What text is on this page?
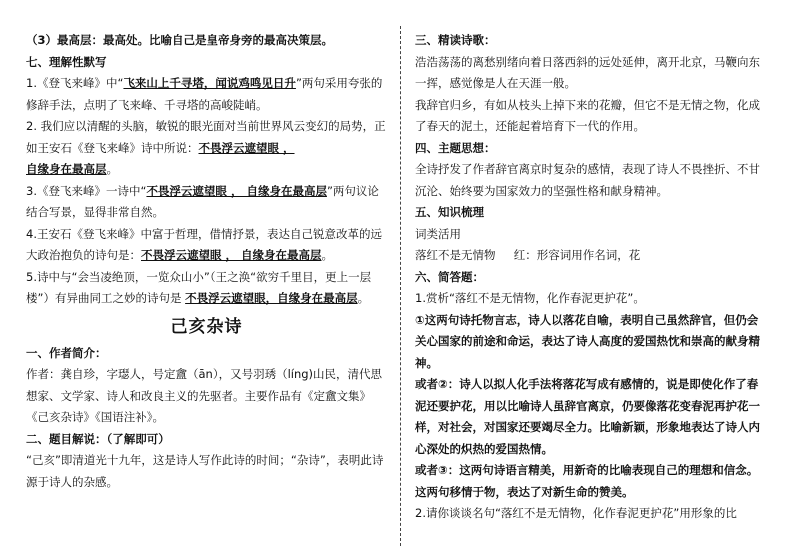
（3）最高层：最高处。比喻自己是皇帝身旁的最高决策层。

七、理解性默写

1.《登飞来峰》中“飞来山上千寻塔，闻说鸡鸣见日升”两句采用夸张的修辞手法，点明了飞来峰、千寻塔的高峻陡峭。

2. 我们应以清醒的头脑，敏锐的眼光面对当前世界风云变幻的局势，正如王安石《登飞来峰》诗中所说：不畏浮云遮望眼 ，
自缘身在最高层。

3.《登飞来峰》一诗中“不畏浮云遮望眼 ， 自缘身在最高层”两句议论结合写景，显得非常自然。

4.王安石《登飞来峰》中富于哲理，借情抒景，表达自己锐意改革的远大政治抱负的诗句是：不畏浮云遮望眼 ， 自缘身在最高层。

5.诗中与“会当凌绝顶，一览众山小”（王之涣“欲穷千里目，更上一层楼”）有异曲同工之妙的诗句是 不畏浮云遮望眼，自缘身在最高层。

己亥杂诗

一、作者简介：

作者：龚自珍，字璱人，号定盦（ān），又号羽琇（líng)山民，清代思想家、文学家、诗人和改良主义的先驱者。主要作品有《定盦文集》《己亥杂诗》《国语注补》。

二、题目解说：（了解即可）

“己亥”即清道光十九年，这是诗人写作此诗的时间；“杂诗”，表明此诗源于诗人的杂感。

三、精读诗歌：

浩浩荡荡的离愁别绪向着日落西斜的远处延伸，离开北京，马鞭向东一挥，感觉像是人在天涯一般。

我辞官归乡，有如从枝头上掉下来的花瓣，但它不是无情之物，化成了春天的泥土，还能起着培育下一代的作用。

四、主题思想：

全诗抒发了作者辞官离京时复杂的感情，表现了诗人不畏挫折、不甘沉沦、始终要为国家效力的坚强性格和献身精神。

五、知识梳理

词类活用

落红不是无情物     红：形容词用作名词，花

六、简答题：

1.赏析“落红不是无情物，化作春泥更护花”。

①这两句诗托物言志，诗人以落花自喻，表明自己虽然辞官，但仍会关心国家的前途和命运，表达了诗人高度的爱国热忱和崇高的献身精神。

或者②：诗人以拟人化手法将落花写成有感情的，说是即使化作了春泥还要护花，用以比喻诗人虽辞官离京，仍要像落花变春泥再护花一样，对社会，对国家还要竭尽全力。比喻新颖，形象地表达了诗人内心深处的炽热的爱国热情。

或者③：这两句诗语言精美，用新奇的比喻表现自己的理想和信念。这两句移情于物，表达了对新生命的赞美。

2.请你谈谈名句“落红不是无情物，化作春泥更护花”用形象的比
